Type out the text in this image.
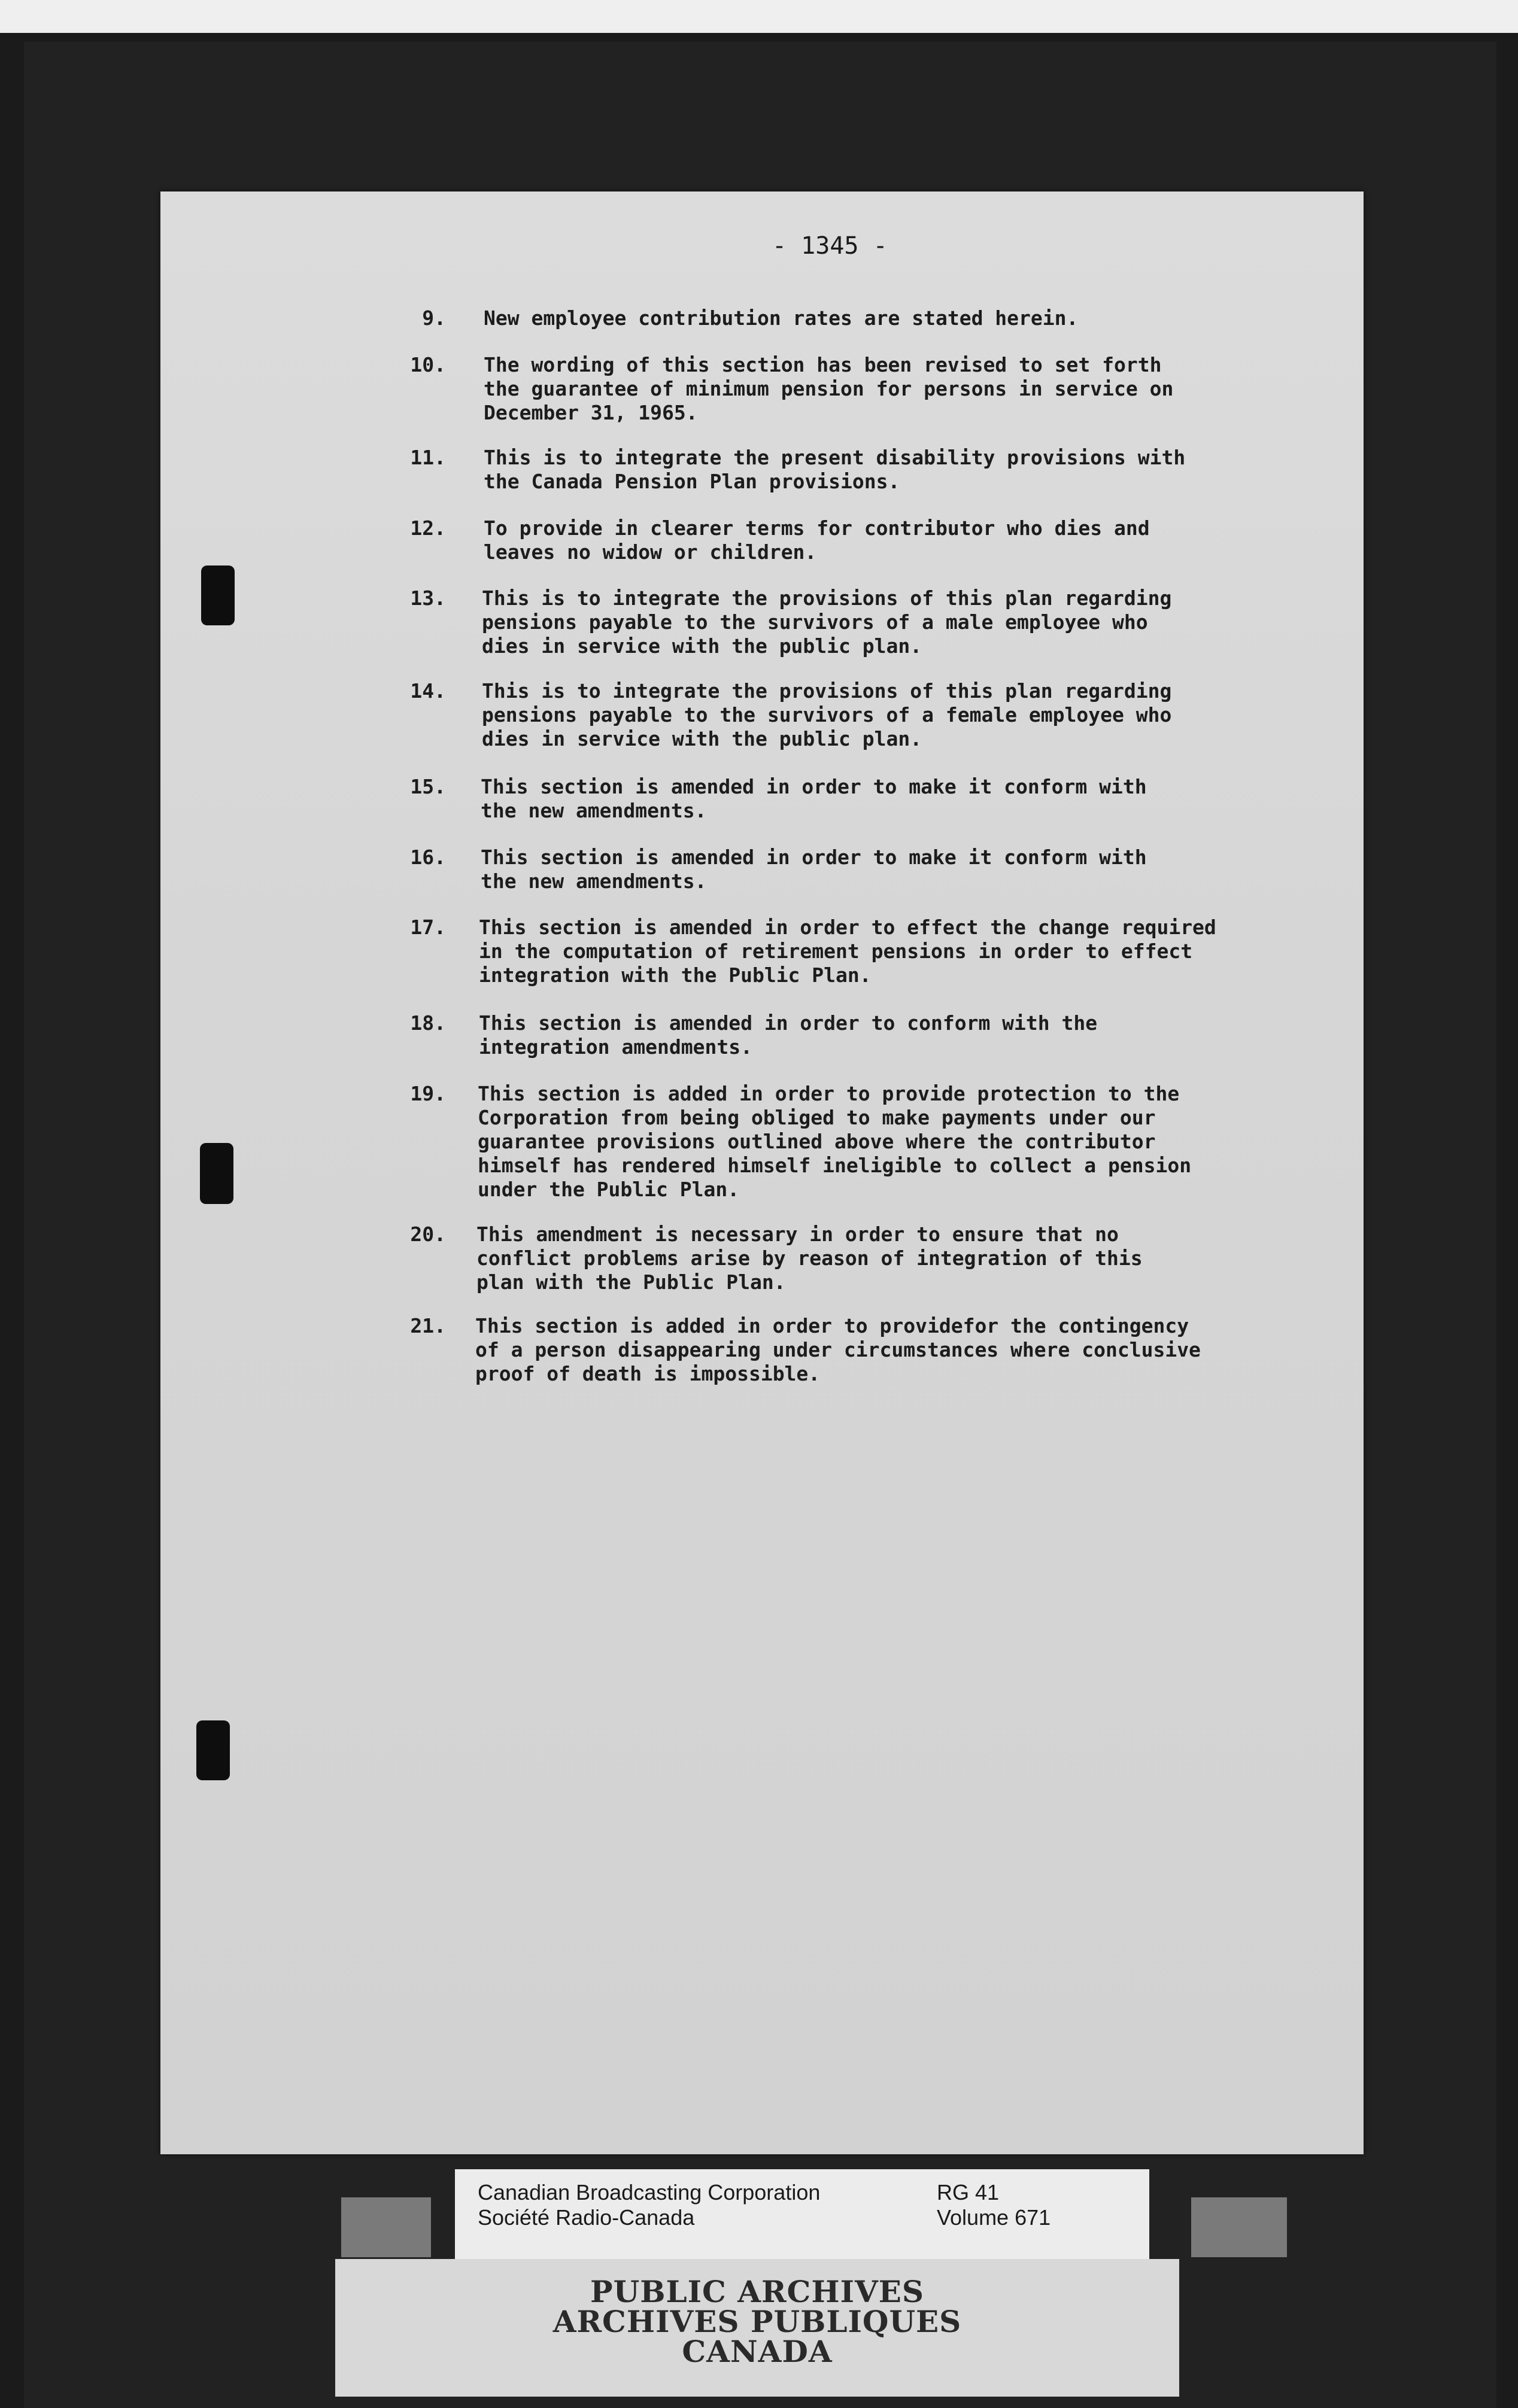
- 1345 -
9. New employee contribution rates are stated herein.
10. The wording of this section has been revised to set forth
the guarantee of minimum pension for persons in service on
December 31, 1965.
11. This is to integrate the present disability provisions with
the Canada Pension Plan provisions.
12. To provide in clearer terms for contributor who dies and
leaves no widow or children.
13. This is to integrate the provisions of this plan regarding
pensions payable to the survivors of a male employee who
dies in service with the public plan.
14. This is to integrate the provisions of this plan regarding
pensions payable to the survivors of a female employee who
dies in service with the public plan.
15. This section is amended in order to make it conform with
the new amendments.
16. This section is amended in order to make it conform with
the new amendments.
17. This section is amended in order to effect the change required
in the computation of retirement pensions in order to effect
integration with the Public Plan.
18. This section is amended in order to conform with the
integration amendments.
19. This section is added in order to provide protection to the
Corporation from being obliged to make payments under our
guarantee provisions outlined above where the contributor
himself has rendered himself ineligible to collect a pension
under the Public Plan.
20. This amendment is necessary in order to ensure that no
conflict problems arise by reason of integration of this
plan with the Public Plan.
21. This section is added in order to providefor the contingency
of a person disappearing under circumstances where conclusive
proof of death is impossible.
Canadian Broadcasting Corporation
Société Radio-Canada
RG 41
Volume 671
PUBLIC ARCHIVES
ARCHIVES PUBLIQUES
CANADA
